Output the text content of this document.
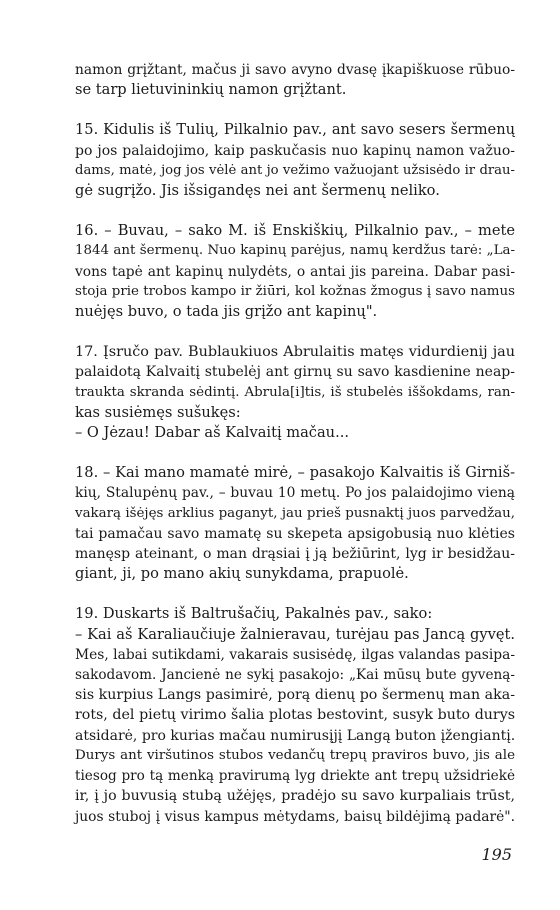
namon grįžtant, mačus ji savo avyno dvasę įkapiškuose rūbuo-
se tarp lietuvininkių namon grįžtant.
15. Kidulis iš Tulių, Pilkalnio pav., ant savo sesers šermenų
po jos palaidojimo, kaip paskučasis nuo kapinų namon važuo-
dams, matė, jog jos vėlė ant jo vežimo važuojant užsisėdo ir drau-
gė sugrįžo. Jis išsigandęs nei ant šermenų neliko.
16. – Buvau, – sako M. iš Enskiškių, Pilkalnio pav., – mete
1844 ant šermenų. Nuo kapinų parėjus, namų kerdžus tarė: „La-
vons tapė ant kapinų nulydėts, o antai jis pareina. Dabar pasi-
stoja prie trobos kampo ir žiūri, kol kožnas žmogus į savo namus
nuėjęs buvo, o tada jis grįžo ant kapinų".
17. Įsručo pav. Bublaukiuos Abrulaitis matęs vidurdienij jau
palaidotą Kalvaitį stubelėj ant girnų su savo kasdienine neap-
traukta skranda sėdintį. Abrula[i]tis, iš stubelės iššokdams, ran-
kas susiėmęs sušukęs:
– O Jėzau! Dabar aš Kalvaitį mačau...
18. – Kai mano mamatė mirė, – pasakojo Kalvaitis iš Girniš-
kių, Stalupėnų pav., – buvau 10 metų. Po jos palaidojimo vieną
vakarą išėjęs arklius paganyt, jau prieš pusnaktį juos parvedžau,
tai pamačau savo mamatę su skepeta apsigobusią nuo klėties
manęsp ateinant, o man drąsiai į ją bežiūrint, lyg ir besidžau-
giant, ji, po mano akių sunykdama, prapuolė.
19. Duskarts iš Baltrušačių, Pakalnės pav., sako:
– Kai aš Karaliaučiuje žalnieravau, turėjau pas Jancą gyvęt.
Mes, labai sutikdami, vakarais susisėdę, ilgas valandas pasipa-
sakodavom. Jancienė ne sykį pasakojo: „Kai mūsų bute gyveną-
sis kurpius Langs pasimirė, porą dienų po šermenų man akа-
rots, del pietų virimo šalia plotas bestovint, susyk buto durys
atsidarė, pro kurias mačau numirusįjį Langą buton įžengiantį.
Durys ant viršutinos stubos vedančų trepų praviros buvo, jis ale
tiesog pro tą menką pravirumą lyg driekte ant trepų užsidriekė
ir, į jo buvusią stubą užėjęs, pradėjo su savo kurpaliais trūst,
juos stuboj į visus kampus mėtydams, baisų bildėjimą padarė".
195
